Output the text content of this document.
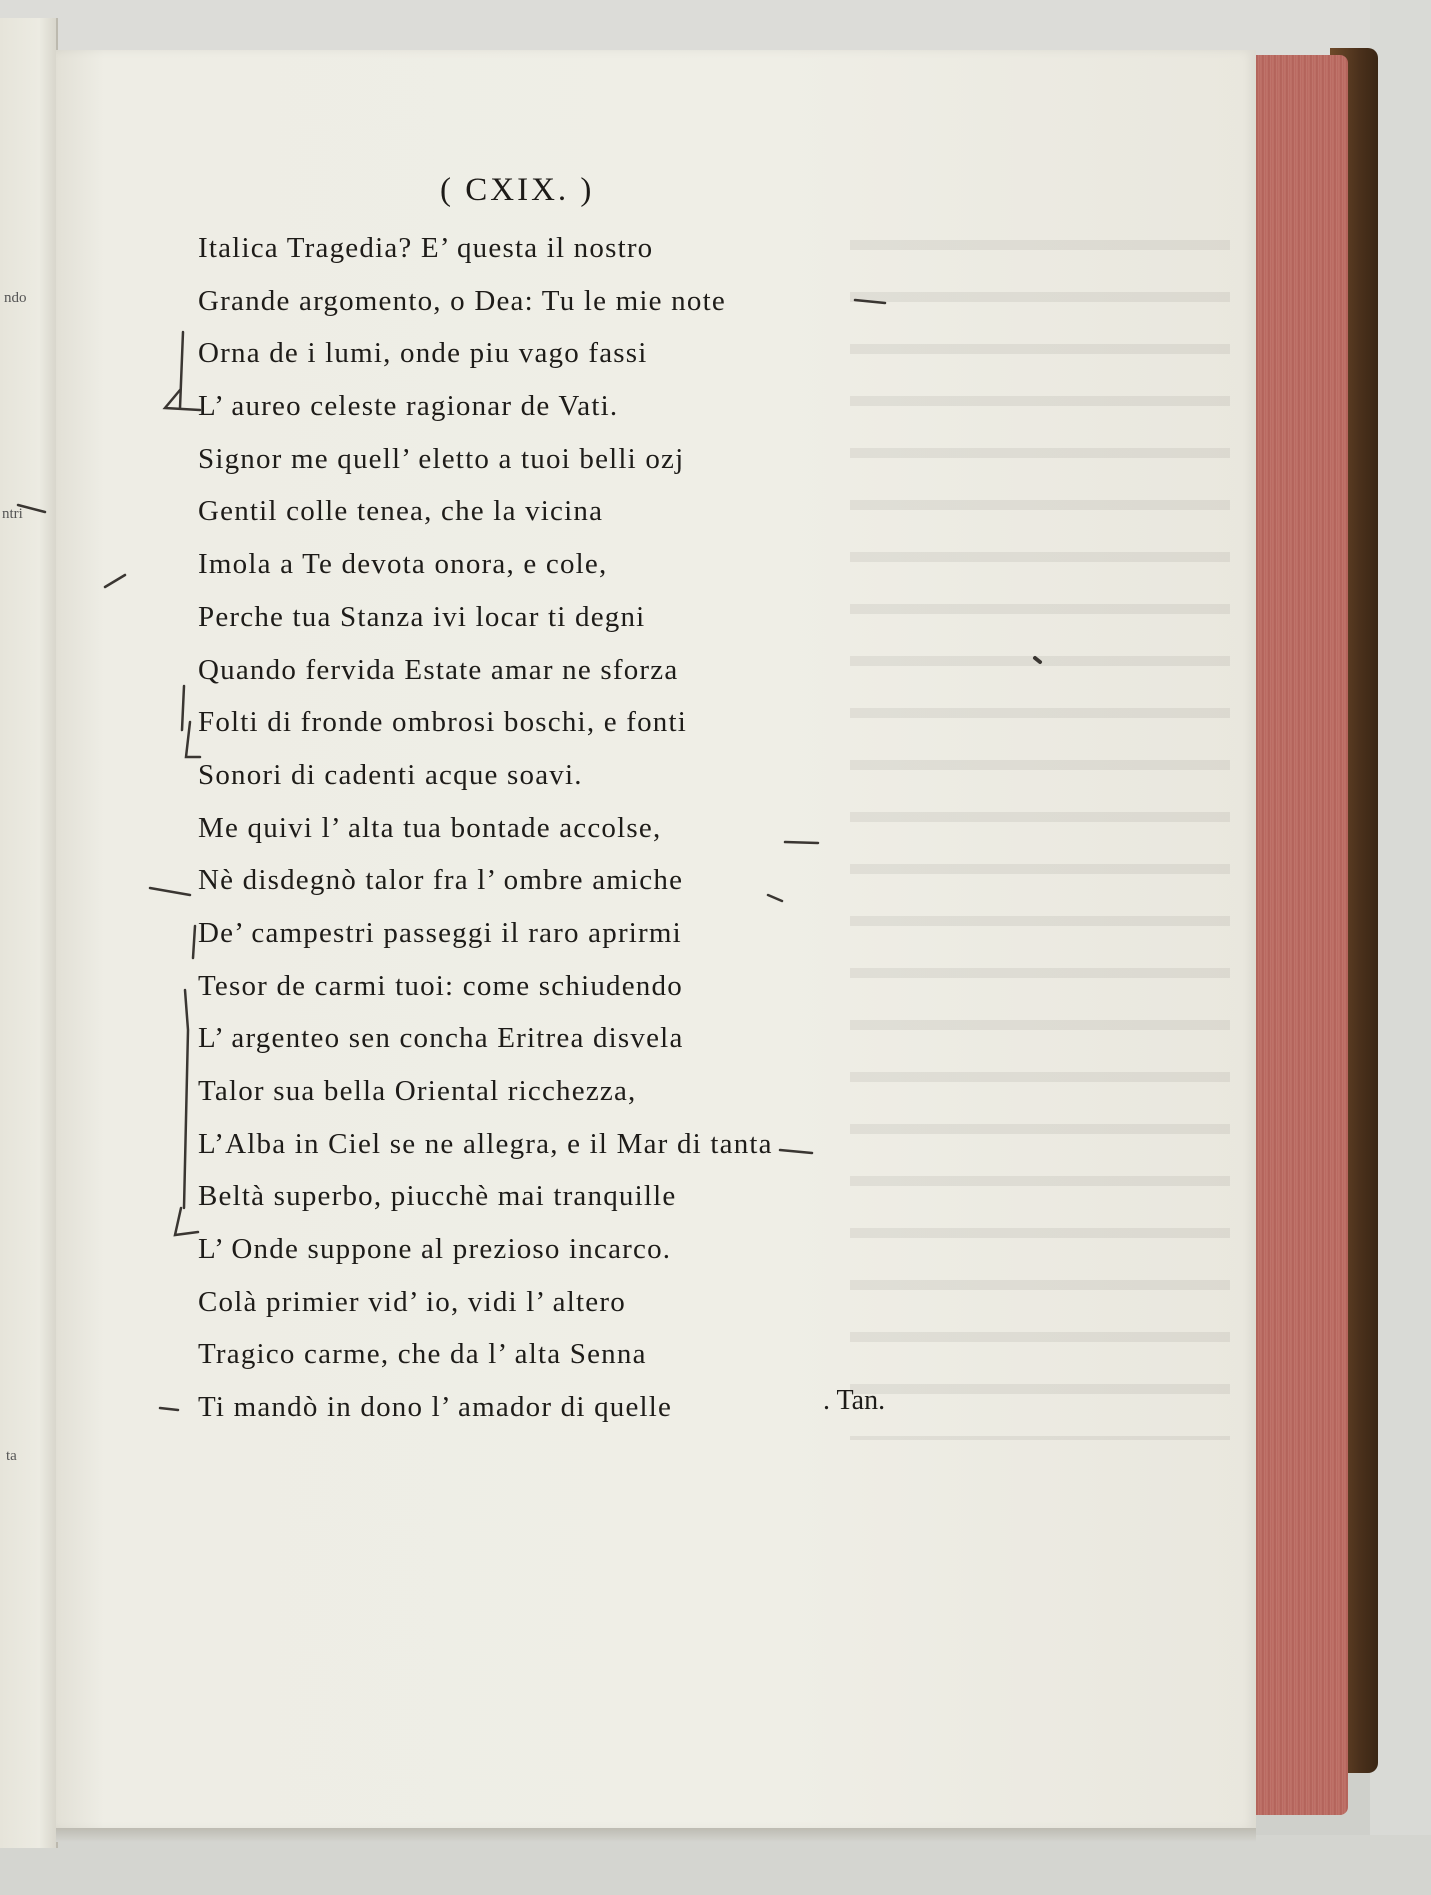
ndo
ntri
ta
( CXIX. )
Italica Tragedia? E’ questa il nostro
Grande argomento, o Dea: Tu le mie note
Orna de i lumi, onde piu vago fassi
L’ aureo celeste ragionar de Vati.
Signor me quell’ eletto a tuoi belli ozj
Gentil colle tenea, che la vicina
Imola a Te devota onora, e cole,
Perche tua Stanza ivi locar ti degni
Quando fervida Estate amar ne sforza
Folti di fronde ombrosi boschi, e fonti
Sonori di cadenti acque soavi.
Me quivi l’ alta tua bontade accolse,
Nè disdegnò talor fra l’ ombre amiche
De’ campestri passeggi il raro aprirmi
Tesor de carmi tuoi: come schiudendo
L’ argenteo sen concha Eritrea disvela
Talor sua bella Oriental ricchezza,
L’Alba in Ciel se ne allegra, e il Mar di tanta
Beltà superbo, piucchè mai tranquille
L’ Onde suppone al prezioso incarco.
Colà primier vid’ io, vidi l’ altero
Tragico carme, che da l’ alta Senna
Ti mandò in dono l’ amador di quelle	. Tan.
